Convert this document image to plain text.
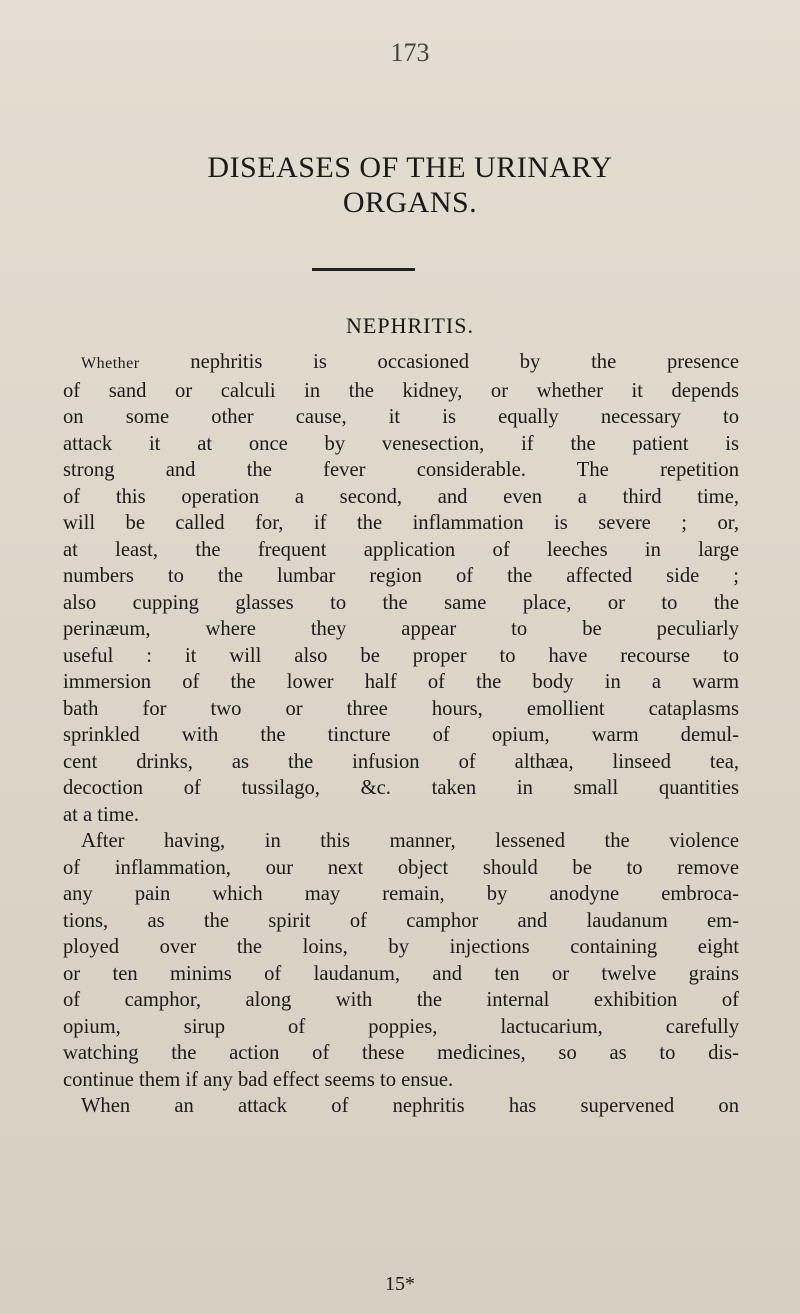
173
DISEASES OF THE URINARY
ORGANS.
NEPHRITIS.
Whether nephritis is occasioned by the presence
of sand or calculi in the kidney, or whether it depends
on some other cause, it is equally necessary to
attack it at once by venesection, if the patient is
strong and the fever considerable. The repetition
of this operation a second, and even a third time,
will be called for, if the inflammation is severe ; or,
at least, the frequent application of leeches in large
numbers to the lumbar region of the affected side ;
also cupping glasses to the same place, or to the
perinæum, where they appear to be peculiarly
useful : it will also be proper to have recourse to
immersion of the lower half of the body in a warm
bath for two or three hours, emollient cataplasms
sprinkled with the tincture of opium, warm demul-
cent drinks, as the infusion of althæa, linseed tea,
decoction of tussilago, &c. taken in small quantities
at a time.
After having, in this manner, lessened the violence
of inflammation, our next object should be to remove
any pain which may remain, by anodyne embroca-
tions, as the spirit of camphor and laudanum em-
ployed over the loins, by injections containing eight
or ten minims of laudanum, and ten or twelve grains
of camphor, along with the internal exhibition of
opium, sirup of poppies, lactucarium, carefully
watching the action of these medicines, so as to dis-
continue them if any bad effect seems to ensue.
When an attack of nephritis has supervened on
15*
